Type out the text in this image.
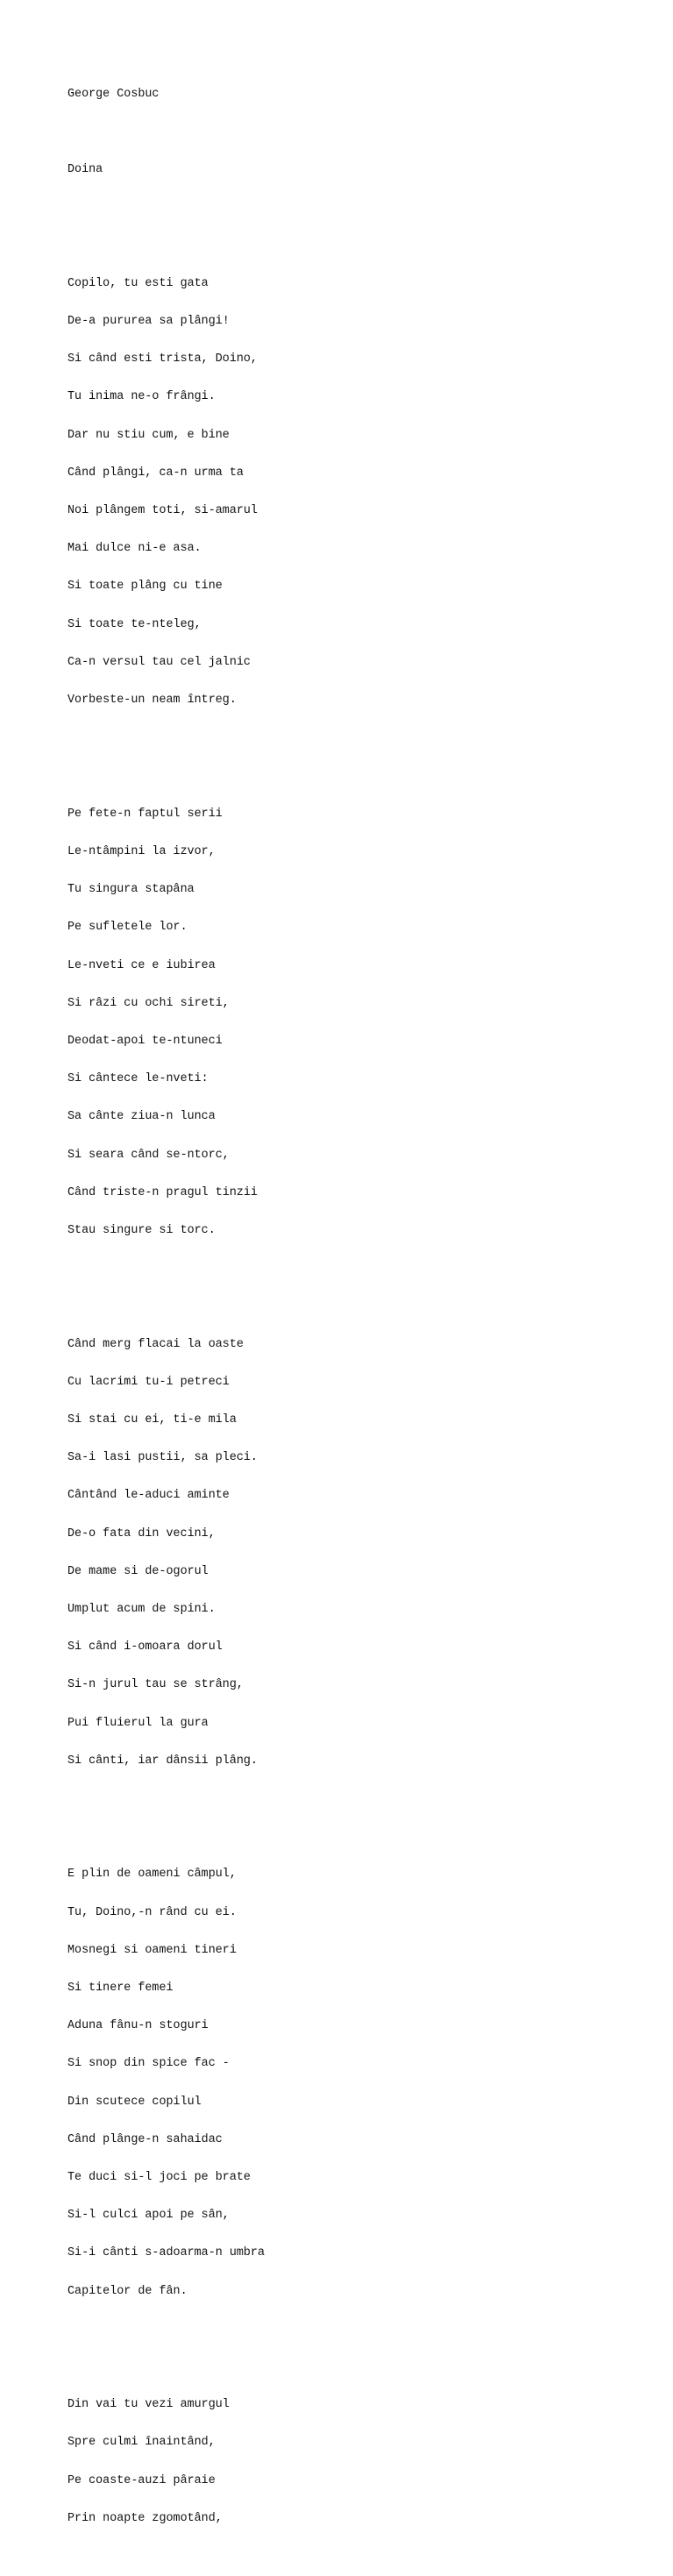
George Cosbuc

Doina

Copilo, tu esti gata

De-a pururea sa plângi!

Si când esti trista, Doino,

Tu inima ne-o frângi.

Dar nu stiu cum, e bine

Când plângi, ca-n urma ta

Noi plângem toti, si-amarul

Mai dulce ni-e asa.

Si toate plâng cu tine

Si toate te-nteleg,

Ca-n versul tau cel jalnic

Vorbeste-un neam întreg.

Pe fete-n faptul serii

Le-ntâmpini la izvor,

Tu singura stapâna

Pe sufletele lor.

Le-nveti ce e iubirea

Si râzi cu ochi sireti,

Deodat-apoi te-ntuneci

Si cântece le-nveti:

Sa cânte ziua-n lunca

Si seara când se-ntorc,

Când triste-n pragul tinzii

Stau singure si torc.

Când merg flacai la oaste

Cu lacrimi tu-i petreci

Si stai cu ei, ti-e mila

Sa-i lasi pustii, sa pleci.

Cântând le-aduci aminte

De-o fata din vecini,

De mame si de-ogorul

Umplut acum de spini.

Si când i-omoara dorul

Si-n jurul tau se strâng,

Pui fluierul la gura

Si cânti, iar dânsii plâng.

E plin de oameni câmpul,

Tu, Doino,-n rând cu ei.

Mosnegi si oameni tineri

Si tinere femei

Aduna fânu-n stoguri

Si snop din spice fac -

Din scutece copilul

Când plânge-n sahaidac

Te duci si-l joci pe brate

Si-l culci apoi pe sân,

Si-i cânti s-adoarma-n umbra

Capitelor de fân.

Din vai tu vezi amurgul

Spre culmi înaintând,

Pe coaste-auzi pâraie

Prin noapte zgomotând,
